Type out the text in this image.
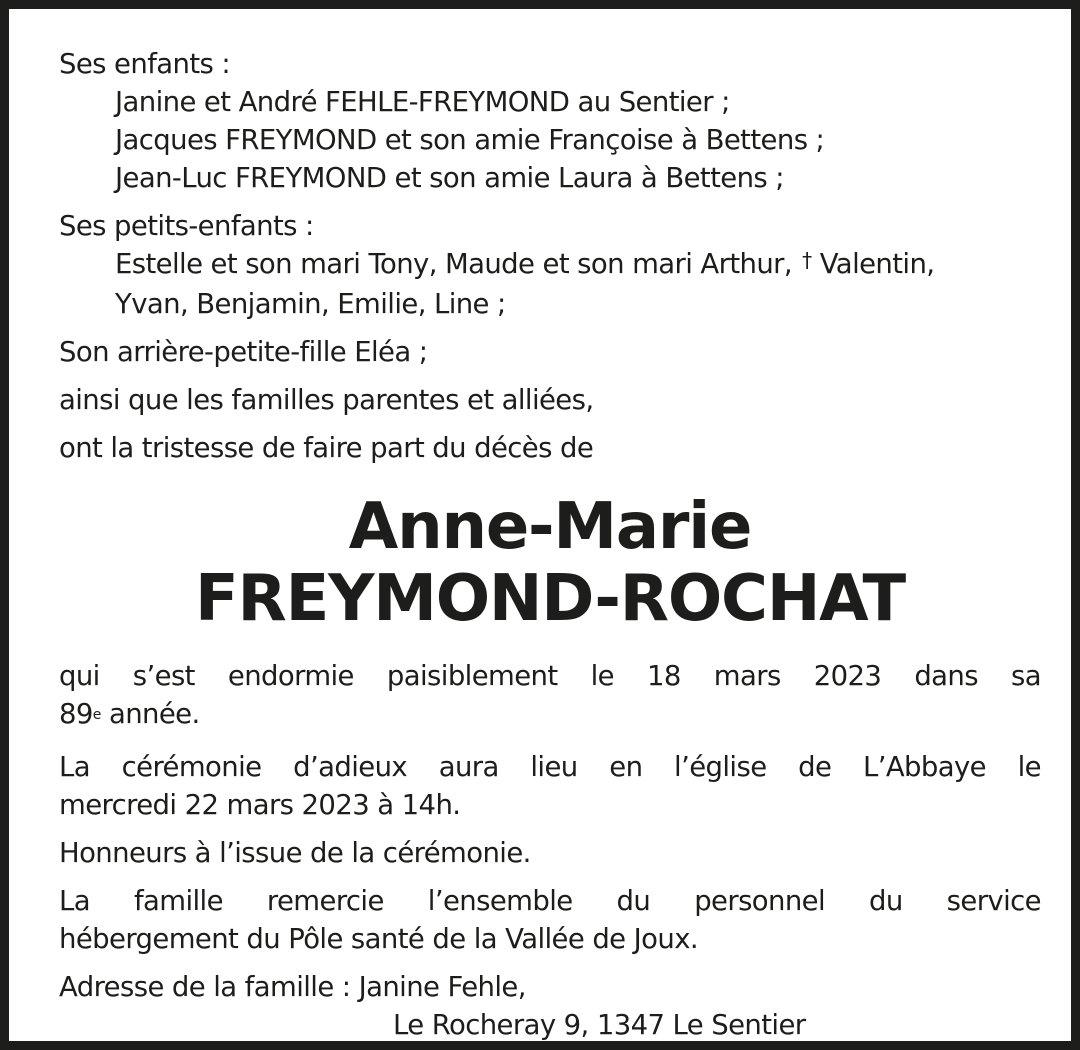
Ses enfants :
Janine et André FEHLE-FREYMOND au Sentier ;
Jacques FREYMOND et son amie Françoise à Bettens ;
Jean-Luc FREYMOND et son amie Laura à Bettens ;
Ses petits-enfants :
Estelle et son mari Tony, Maude et son mari Arthur, † Valentin,
Yvan, Benjamin, Emilie, Line ;
Son arrière-petite-fille Eléa ;
ainsi que les familles parentes et alliées,
ont la tristesse de faire part du décès de
Anne-Marie
FREYMOND-ROCHAT
qui s’est endormie paisiblement le 18 mars 2023 dans sa
89e année.
La cérémonie d’adieux aura lieu en l’église de L’Abbaye le
mercredi 22 mars 2023 à 14h.
Honneurs à l’issue de la cérémonie.
La famille remercie l’ensemble du personnel du service
hébergement du Pôle santé de la Vallée de Joux.
Adresse de la famille : Janine Fehle,
Le Rocheray 9, 1347 Le Sentier
